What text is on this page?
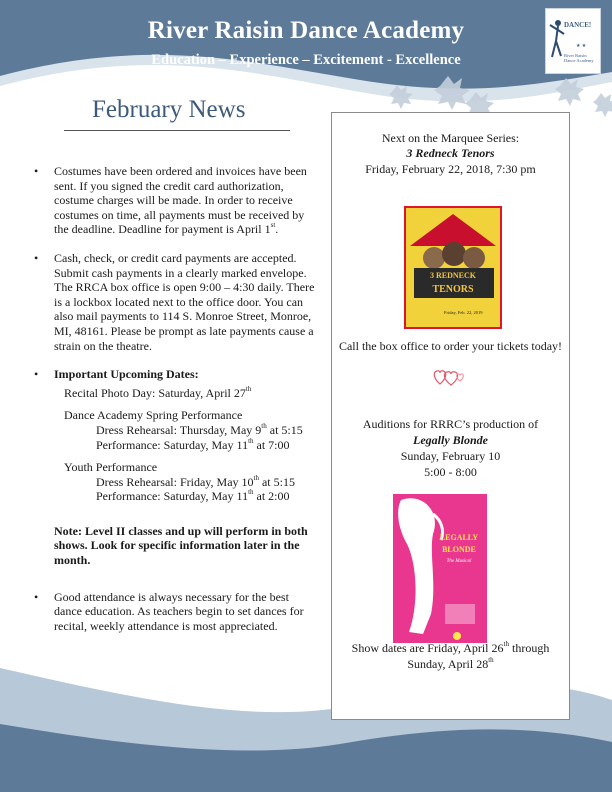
River Raisin Dance Academy
Education – Experience – Excitement - Excellence
★ ★
DANCE!
River Raisin Dance Academy
February News
• Costumes have been ordered and invoices have been sent. If you signed the credit card authorization, costume charges will be made. In order to receive costumes on time, all payments must be received by the deadline. Deadline for payment is April 1st.
• Cash, check, or credit card payments are accepted. Submit cash payments in a clearly marked envelope. The RRCA box office is open 9:00 – 4:30 daily. There is a lockbox located next to the office door. You can also mail payments to 114 S. Monroe Street, Monroe, MI, 48161. Please be prompt as late payments cause a strain on the theatre.
• Important Upcoming Dates:
Recital Photo Day: Saturday, April 27th
Dance Academy Spring Performance
Dress Rehearsal: Thursday, May 9th at 5:15
Performance: Saturday, May 11th at 7:00
Youth Performance
Dress Rehearsal: Friday, May 10th at 5:15
Performance: Saturday, May 11th at 2:00
Note: Level II classes and up will perform in both shows. Look for specific information later in the month.
• Good attendance is always necessary for the best dance education. As teachers begin to set dances for recital, weekly attendance is most appreciated.
Next on the Marquee Series:
3 Redneck Tenors
Friday, February 22, 2018, 7:30 pm
3 REDNECK
TENORS
Friday, Feb. 22, 2019
Call the box office to order your tickets today!
Auditions for RRRC’s production of
Legally Blonde
Sunday, February 10
5:00 - 8:00
LEGALLY
BLONDE
The Musical
Show dates are Friday, April 26th through
Sunday, April 28th
